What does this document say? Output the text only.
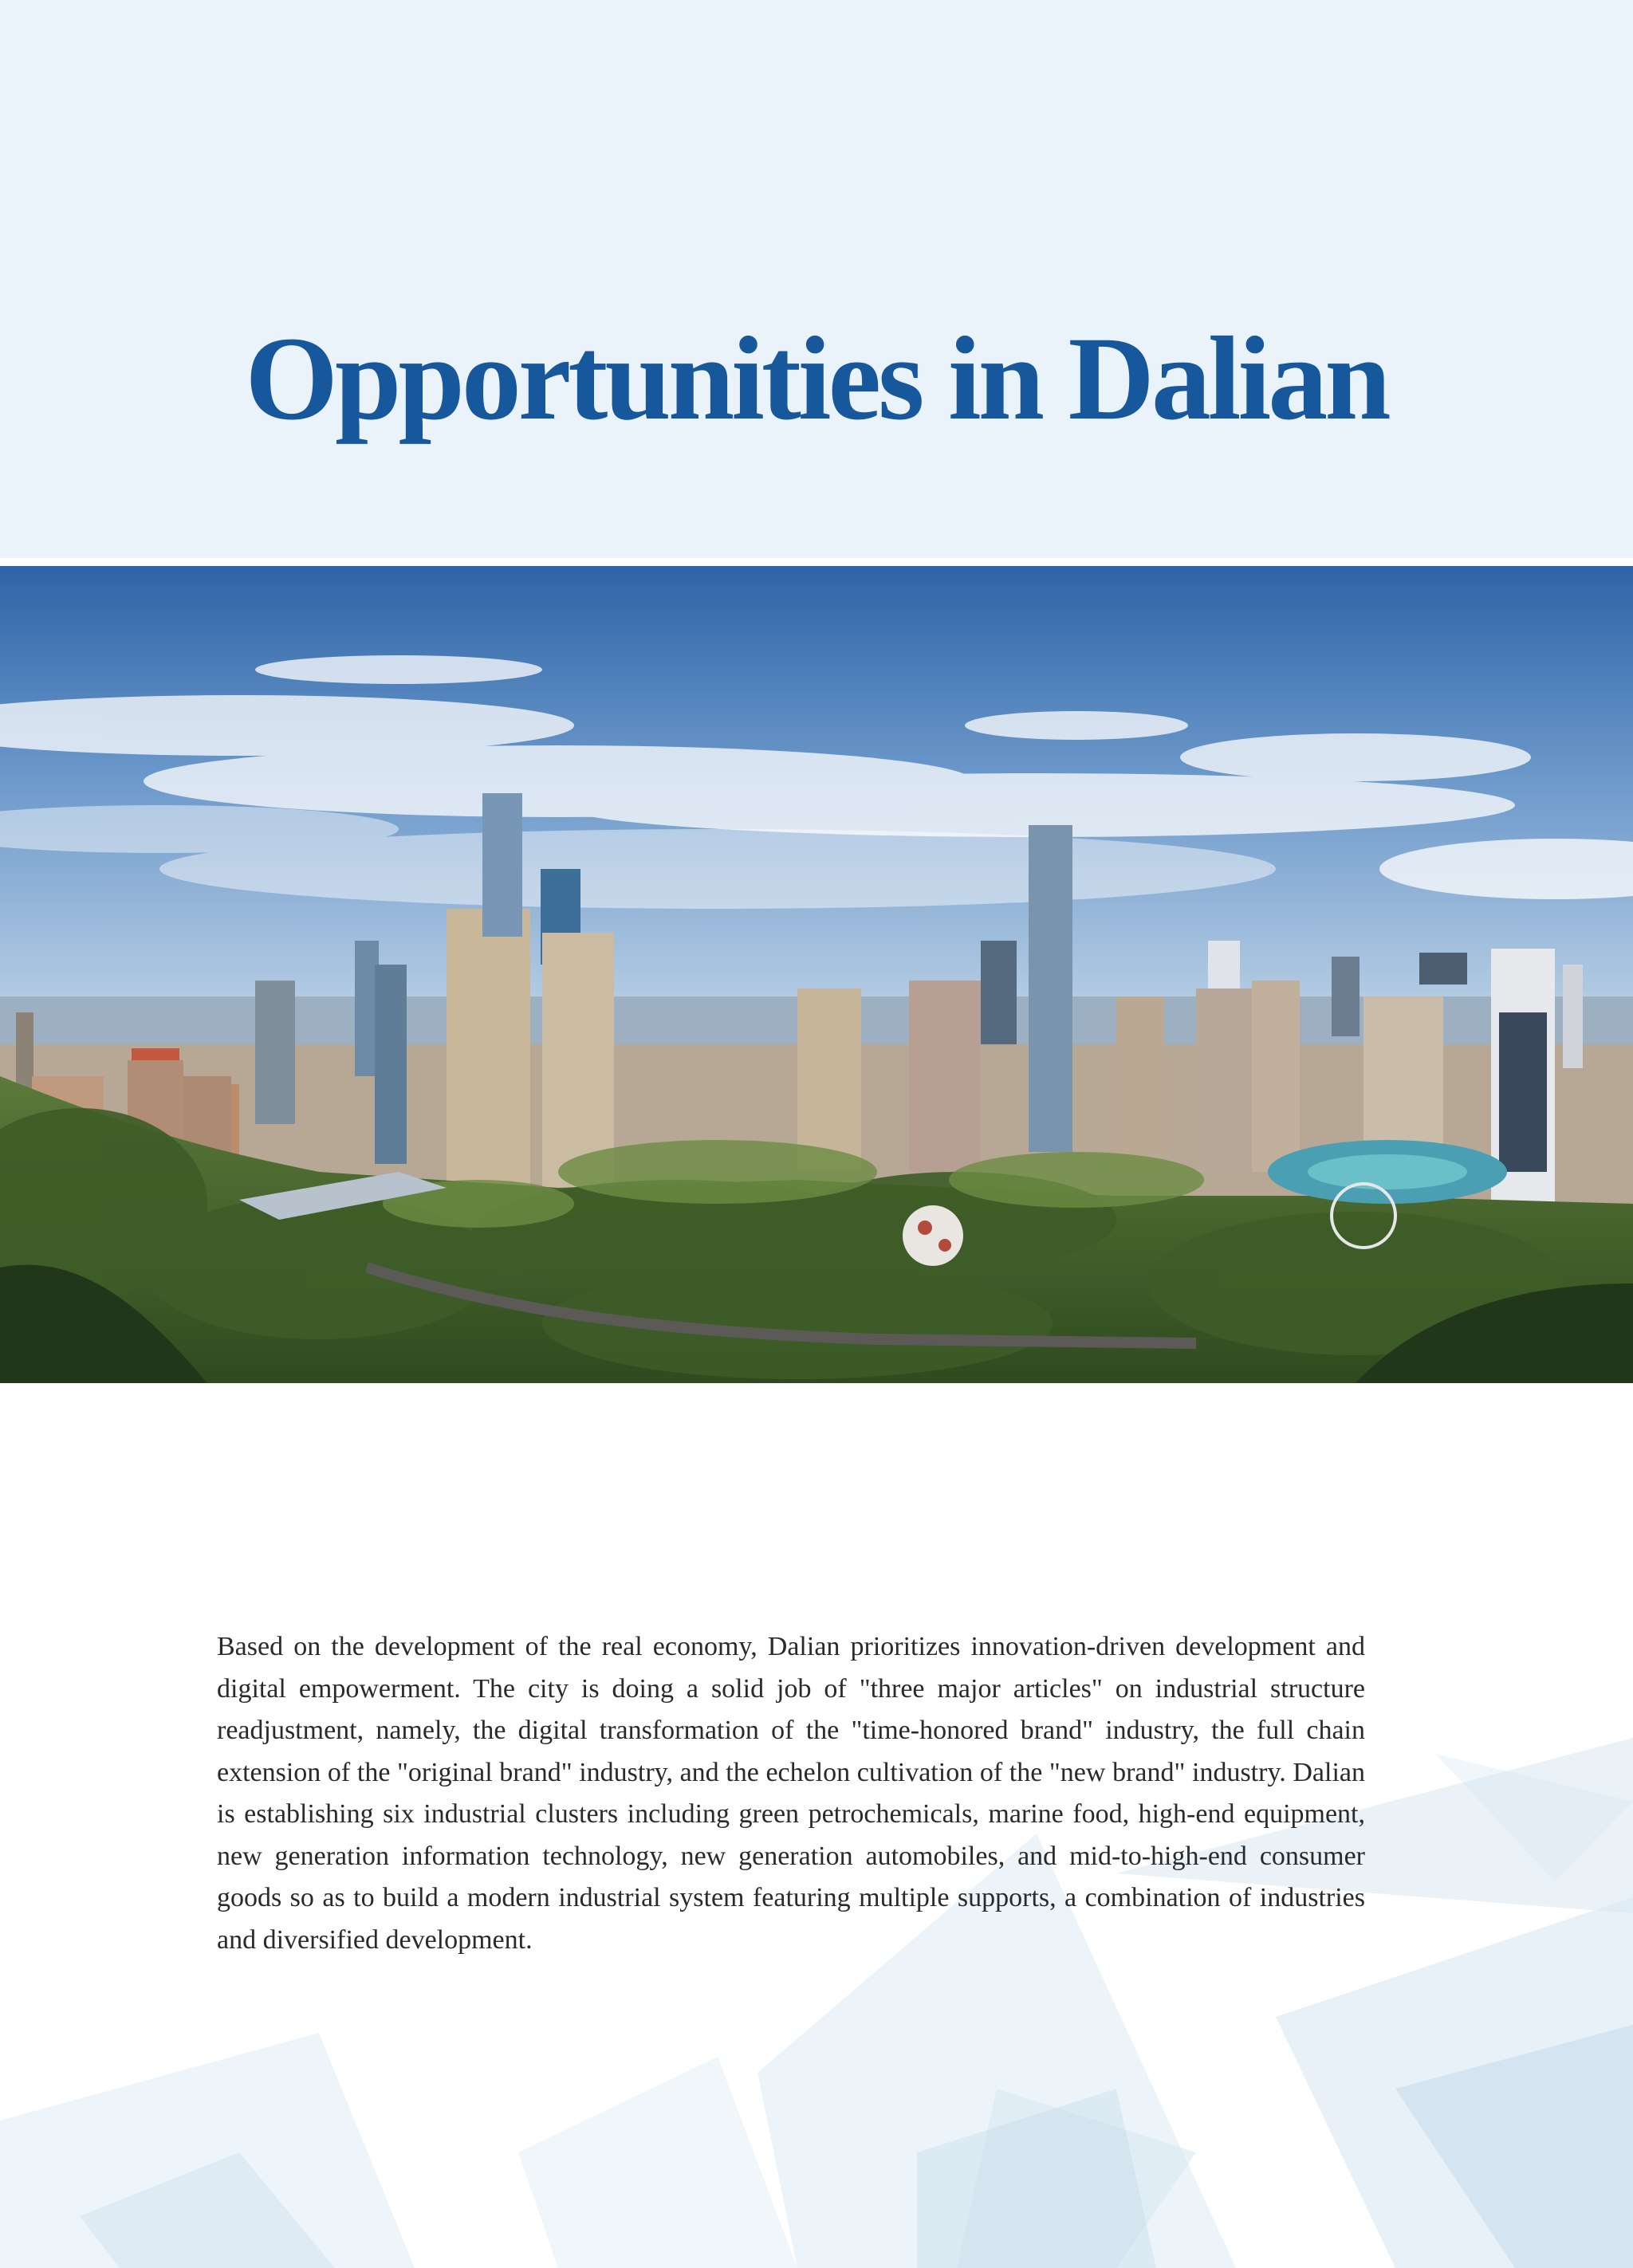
Opportunities in Dalian

Based on the development of the real economy, Dalian prioritizes innovation-driven development and digital empowerment. The city is doing a solid job of "three major articles" on industrial structure readjustment, namely, the digital transformation of the "time-honored brand" industry, the full chain extension of the "original brand" industry, and the echelon cultivation of the "new brand" industry. Dalian is establishing six industrial clusters including green petrochemicals, marine food, high-end equipment, new generation information technology, new generation automobiles, and mid-to-high-end consumer goods so as to build a modern industrial system featuring multiple supports, a combination of industries and diversified development.
